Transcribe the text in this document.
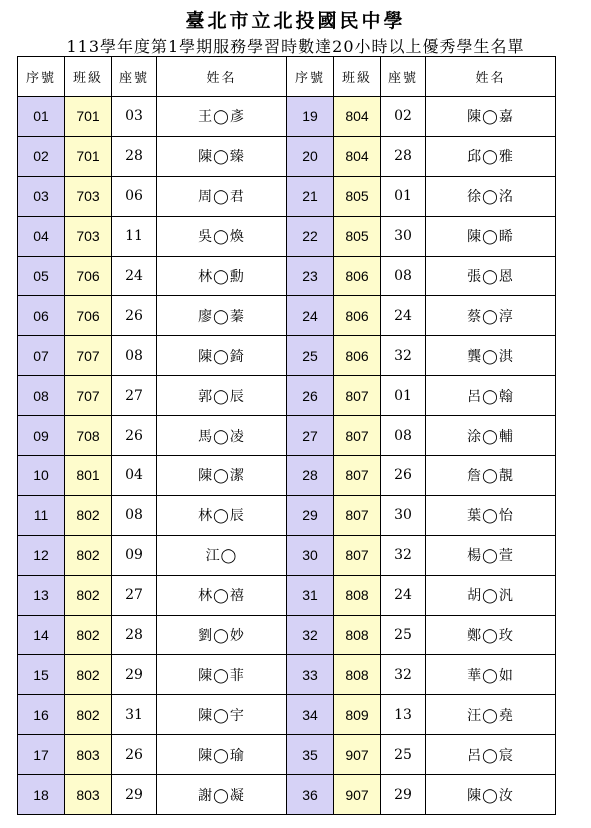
臺北市立北投國民中學
113學年度第1學期服務學習時數達20小時以上優秀學生名單
序號	班級	座號	姓名	序號	班級	座號	姓名
01	701	03	王◯彥	19	804	02	陳◯嘉
02	701	28	陳◯臻	20	804	28	邱◯雅
03	703	06	周◯君	21	805	01	徐◯洺
04	703	11	吳◯煥	22	805	30	陳◯睎
05	706	24	林◯勳	23	806	08	張◯恩
06	706	26	廖◯蓁	24	806	24	蔡◯淳
07	707	08	陳◯錡	25	806	32	龔◯淇
08	707	27	郭◯辰	26	807	01	呂◯翰
09	708	26	馬◯凌	27	807	08	涂◯輔
10	801	04	陳◯潔	28	807	26	詹◯靚
11	802	08	林◯辰	29	807	30	葉◯怡
12	802	09	江◯	30	807	32	楊◯萱
13	802	27	林◯禧	31	808	24	胡◯汎
14	802	28	劉◯妙	32	808	25	鄭◯玫
15	802	29	陳◯菲	33	808	32	華◯如
16	802	31	陳◯宇	34	809	13	汪◯堯
17	803	26	陳◯瑜	35	907	25	呂◯宸
18	803	29	謝◯凝	36	907	29	陳◯汝
